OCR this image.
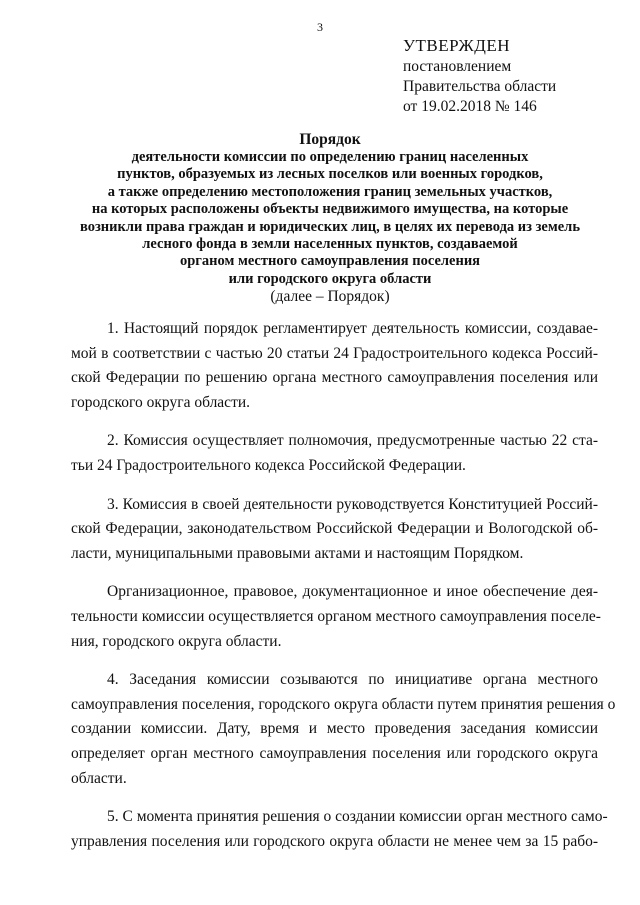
3
УТВЕРЖДЕН
постановлением
Правительства области
от 19.02.2018 № 146
Порядок
деятельности комиссии по определению границ населенных
пунктов, образуемых из лесных поселков или военных городков,
а также определению местоположения границ земельных участков,
на которых расположены объекты недвижимого имущества, на которые
возникли права граждан и юридических лиц, в целях их перевода из земель
лесного фонда в земли населенных пунктов, создаваемой
органом местного самоуправления поселения
или городского округа области
(далее – Порядок)
1. Настоящий порядок регламентирует деятельность комиссии, создавае-
мой в соответствии с частью 20 статьи 24 Градостроительного кодекса Россий-
ской Федерации по решению органа местного самоуправления поселения или
городского округа области.
2. Комиссия осуществляет полномочия, предусмотренные частью 22 ста-
тьи 24 Градостроительного кодекса Российской Федерации.
3. Комиссия в своей деятельности руководствуется Конституцией Россий-
ской Федерации, законодательством Российской Федерации и Вологодской об-
ласти, муниципальными правовыми актами и настоящим Порядком.
Организационное, правовое, документационное и иное обеспечение дея-
тельности комиссии осуществляется органом местного самоуправления поселе-
ния, городского округа области.
4. Заседания комиссии созываются по инициативе органа местного
самоуправления поселения, городского округа области путем принятия решения о
создании комиссии. Дату, время и место проведения заседания комиссии
определяет орган местного самоуправления поселения или городского округа
области.
5. С момента принятия решения о создании комиссии орган местного само-
управления поселения или городского округа области не менее чем за 15 рабо-
